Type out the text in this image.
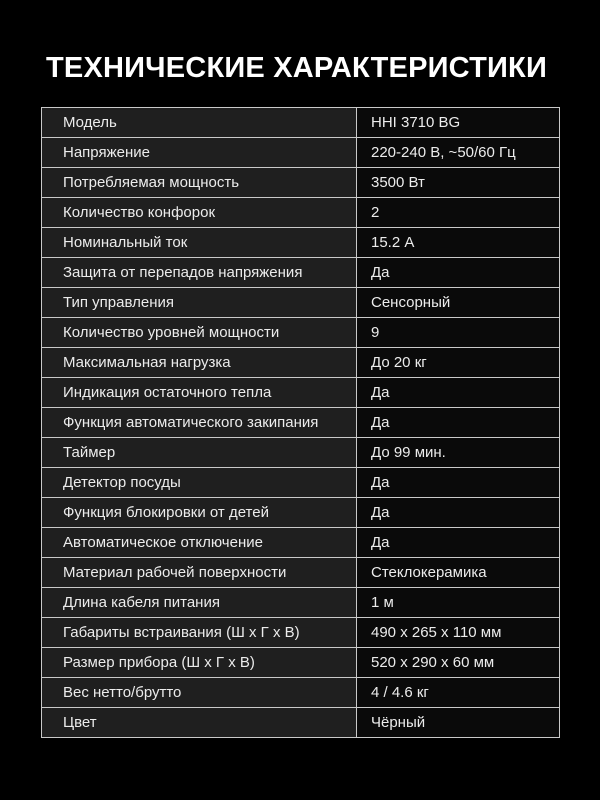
ТЕХНИЧЕСКИЕ ХАРАКТЕРИСТИКИ
Модель	HHI 3710 BG
Напряжение	220-240 В, ~50/60 Гц
Потребляемая мощность	3500 Вт
Количество конфорок	2
Номинальный ток	15.2 А
Защита от перепадов напряжения	Да
Тип управления	Сенсорный
Количество уровней мощности	9
Максимальная нагрузка	До 20 кг
Индикация остаточного тепла	Да
Функция автоматического закипания	Да
Таймер	До 99 мин.
Детектор посуды	Да
Функция блокировки от детей	Да
Автоматическое отключение	Да
Материал рабочей поверхности	Стеклокерамика
Длина кабеля питания	1 м
Габариты встраивания (Ш x Г x В)	490 x 265 x 110 мм
Размер прибора (Ш x Г x В)	520 x 290 x 60 мм
Вес нетто/брутто	4 / 4.6 кг
Цвет	Чёрный
